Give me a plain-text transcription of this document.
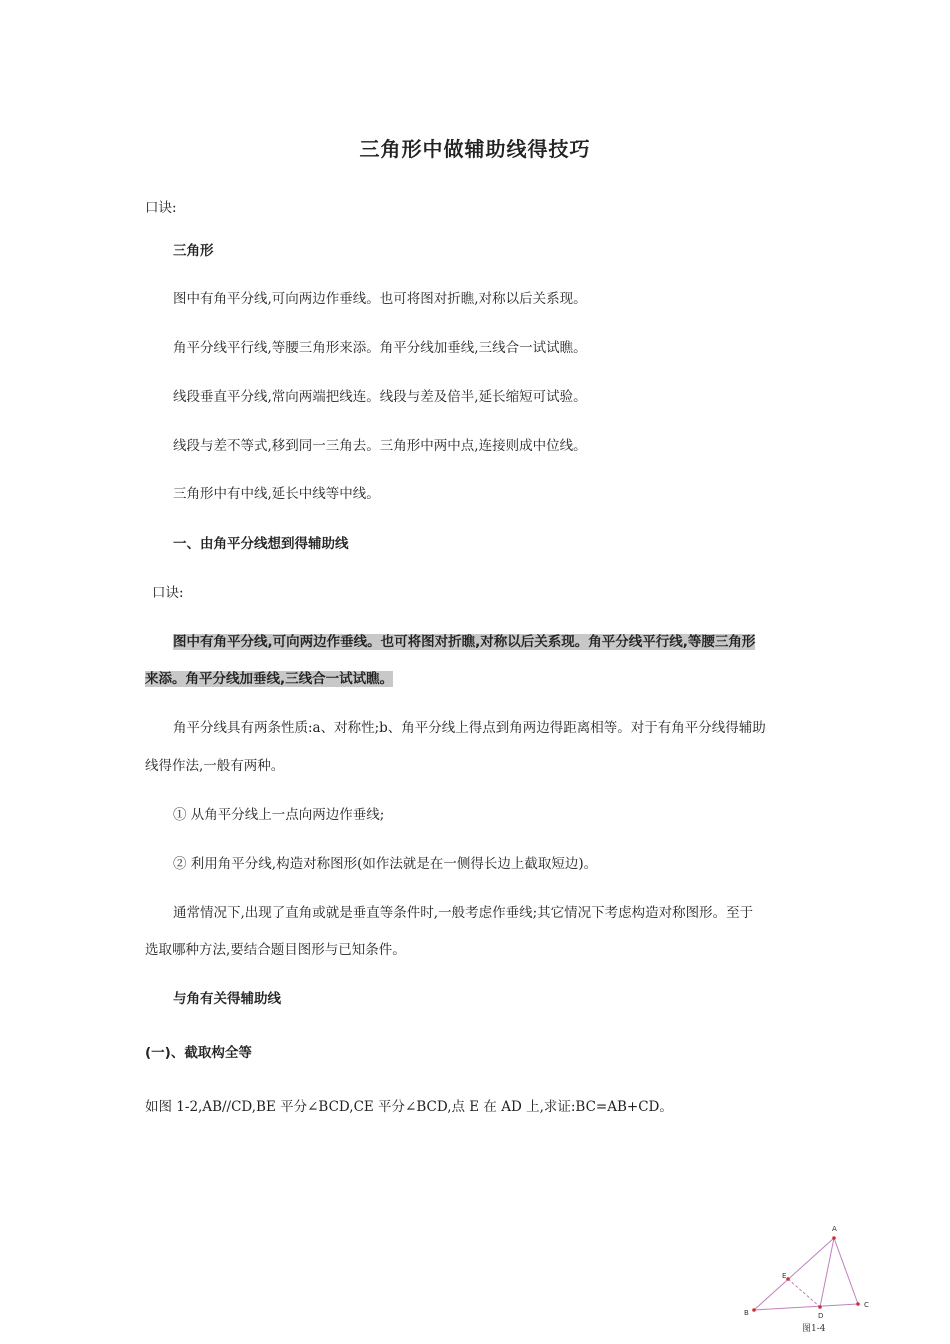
三角形中做辅助线得技巧
口诀:
三角形
图中有角平分线,可向两边作垂线。也可将图对折瞧,对称以后关系现。
角平分线平行线,等腰三角形来添。角平分线加垂线,三线合一试试瞧。
线段垂直平分线,常向两端把线连。线段与差及倍半,延长缩短可试验。
线段与差不等式,移到同一三角去。三角形中两中点,连接则成中位线。
三角形中有中线,延长中线等中线。
一、由角平分线想到得辅助线
口诀:
图中有角平分线,可向两边作垂线。也可将图对折瞧,对称以后关系现。角平分线平行线,等腰三角形
来添。角平分线加垂线,三线合一试试瞧。
角平分线具有两条性质:a、对称性;b、角平分线上得点到角两边得距离相等。对于有角平分线得辅助
线得作法,一般有两种。
① 从角平分线上一点向两边作垂线;
② 利用角平分线,构造对称图形(如作法就是在一侧得长边上截取短边)。
通常情况下,出现了直角或就是垂直等条件时,一般考虑作垂线;其它情况下考虑构造对称图形。至于
选取哪种方法,要结合题目图形与已知条件。
与角有关得辅助线
(一)、截取构全等
如图 1-2,AB//CD,BE 平分∠BCD,CE 平分∠BCD,点 E 在 AD 上,求证:BC=AB+CD。
A
E
B	D
C
图1-4
